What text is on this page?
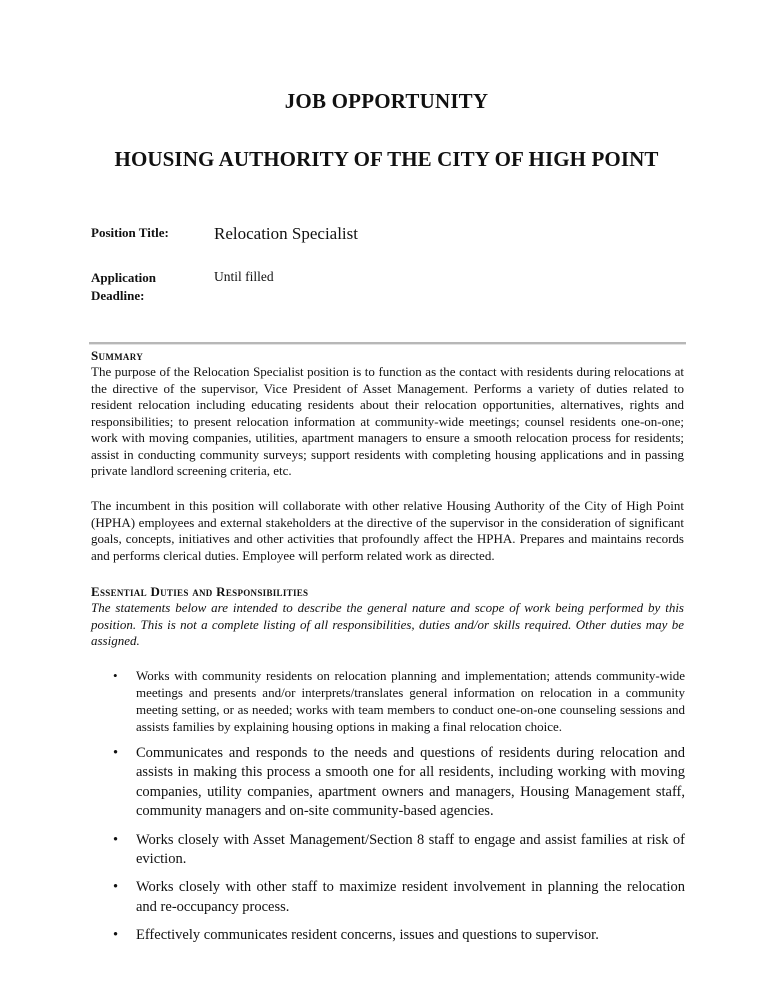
JOB OPPORTUNITY
HOUSING AUTHORITY OF THE CITY OF HIGH POINT
Position Title:	Relocation Specialist
Application
Deadline:
Until filled
Summary
The purpose of the Relocation Specialist position is to function as the contact with residents during relocations at the directive of the supervisor, Vice President of Asset Management. Performs a variety of duties related to resident relocation including educating residents about their relocation opportunities, alternatives, rights and responsibilities; to present relocation information at community-wide meetings; counsel residents one-on-one; work with moving companies, utilities, apartment managers to ensure a smooth relocation process for residents; assist in conducting community surveys; support residents with completing housing applications and in passing private landlord screening criteria, etc.
The incumbent in this position will collaborate with other relative Housing Authority of the City of High Point (HPHA) employees and external stakeholders at the directive of the supervisor in the consideration of significant goals, concepts, initiatives and other activities that profoundly affect the HPHA. Prepares and maintains records and performs clerical duties. Employee will perform related work as directed.
Essential Duties and Responsibilities
The statements below are intended to describe the general nature and scope of work being performed by this position. This is not a complete listing of all responsibilities, duties and/or skills required. Other duties may be assigned.
• Works with community residents on relocation planning and implementation; attends community-wide meetings and presents and/or interprets/translates general information on relocation in a community meeting setting, or as needed; works with team members to conduct one-on-one counseling sessions and assists families by explaining housing options in making a final relocation choice.
• Communicates and responds to the needs and questions of residents during relocation and assists in making this process a smooth one for all residents, including working with moving companies, utility companies, apartment owners and managers, Housing Management staff, community managers and on-site community-based agencies.
• Works closely with Asset Management/Section 8 staff to engage and assist families at risk of eviction.
• Works closely with other staff to maximize resident involvement in planning the relocation and re-occupancy process.
• Effectively communicates resident concerns, issues and questions to supervisor.
